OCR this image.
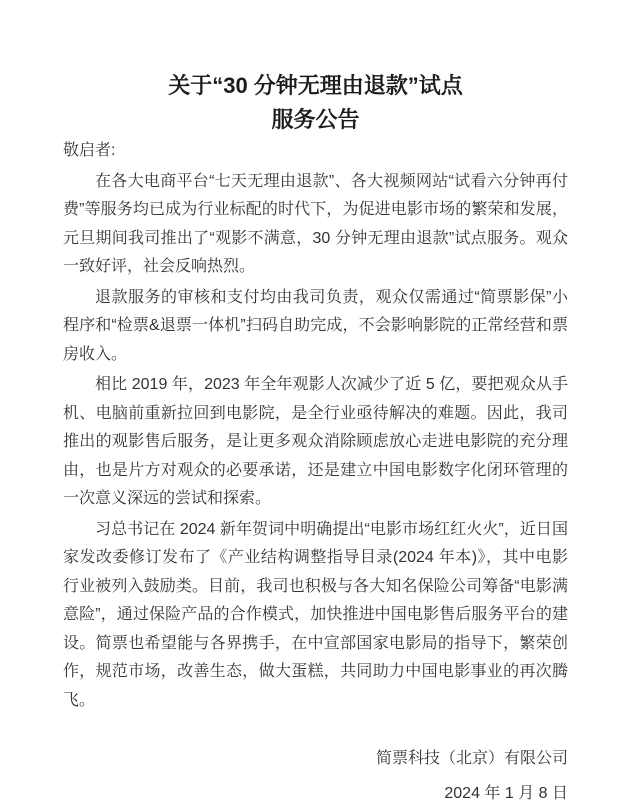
关于“30 分钟无理由退款”试点
服务公告
敬启者:

在各大电商平台“七天无理由退款”、各大视频网站“试看六分钟再付费”等服务均已成为行业标配的时代下，为促进电影市场的繁荣和发展，元旦期间我司推出了“观影不满意，30 分钟无理由退款”试点服务。观众一致好评，社会反响热烈。

退款服务的审核和支付均由我司负责，观众仅需通过“简票影保”小程序和“检票&退票一体机”扫码自助完成，不会影响影院的正常经营和票房收入。

相比 2019 年，2023 年全年观影人次减少了近 5 亿，要把观众从手机、电脑前重新拉回到电影院，是全行业亟待解决的难题。因此，我司推出的观影售后服务，是让更多观众消除顾虑放心走进电影院的充分理由，也是片方对观众的必要承诺，还是建立中国电影数字化闭环管理的一次意义深远的尝试和探索。

习总书记在 2024 新年贺词中明确提出“电影市场红红火火”，近日国家发改委修订发布了《产业结构调整指导目录(2024 年本)》，其中电影行业被列入鼓励类。目前，我司也积极与各大知名保险公司筹备“电影满意险”，通过保险产品的合作模式，加快推进中国电影售后服务平台的建设。简票也希望能与各界携手，在中宣部国家电影局的指导下，繁荣创作，规范市场，改善生态，做大蛋糕，共同助力中国电影事业的再次腾飞。

简票科技（北京）有限公司
2024 年 1 月 8 日
